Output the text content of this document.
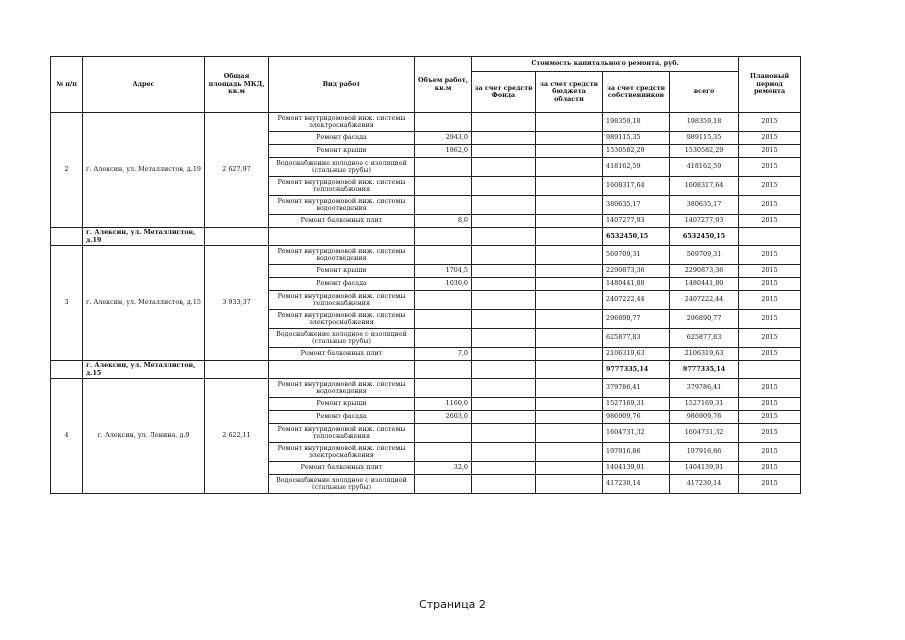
№ п/п	Адрес	Общая площадь МКД, кв.м	Вид работ	Объем работ, кв.м	Стоимость капитального ремонта, руб.				Плановый период ремонта
					за счет средств Фонда	за счет средств бюджета области	за счет средств собственников	всего	
2	г. Алексин, ул. Металлистов, д.19	2 627,97	Ремонт внутридомовой инж. системы электроснабжения				198359,18	198359,18	2015
			Ремонт фасада	2943,0			989115,35	989115,35	2015
			Ремонт крыши	1862,0			1530582,29	1530582,29	2015
			Водоснабжение холодное с изоляцией (стальные трубы)				418162,59	418162,59	2015
			Ремонт внутридомовой инж. системы теплоснабжения				1608317,64	1608317,64	2015
			Ремонт внутридомовой инж. системы водоотведения				380635,17	380635,17	2015
			Ремонт балконных плит	8,0			1407277,93	1407277,93	2015
	г. Алексин, ул. Металлистов, д.19						6532450,15	6532450,15	
3	г. Алексин, ул. Металлистов, д.15	3 933,37	Ремонт внутридомовой инж. системы водоотведения				569709,31	569709,31	2015
			Ремонт крыши	1704,5			2290873,36	2290873,36	2015
			Ремонт фасада	1036,0			1480441,80	1480441,80	2015
			Ремонт внутридомовой инж. системы теплоснабжения				2407222,44	2407222,44	2015
			Ремонт внутридомовой инж. системы электроснабжения				296890,77	296890,77	2015
			Водоснабжение холодное с изоляцией (стальные трубы)				625877,83	625877,83	2015
			Ремонт балконных плит	7,0			2106319,63	2106319,63	2015
	г. Алексин, ул. Металлистов, д.15						9777335,14	9777335,14	
4	г. Алексин, ул. Ленина, д.9	2 622,11	Ремонт внутридомовой инж. системы водоотведения				379786,41	379786,41	2015
			Ремонт крыши	1160,0			1527169,31	1527169,31	2015
			Ремонт фасада	2603,0			986909,76	986909,76	2015
			Ремонт внутридомовой инж. системы теплоснабжения				1604731,32	1604731,32	2015
			Ремонт внутридомовой инж. системы электроснабжения				197916,86	197916,86	2015
			Ремонт балконных плит	32,0			1404139,91	1404139,91	2015
			Водоснабжение холодное с изоляцией (стальные трубы)				417230,14	417230,14	2015
Страница 2
